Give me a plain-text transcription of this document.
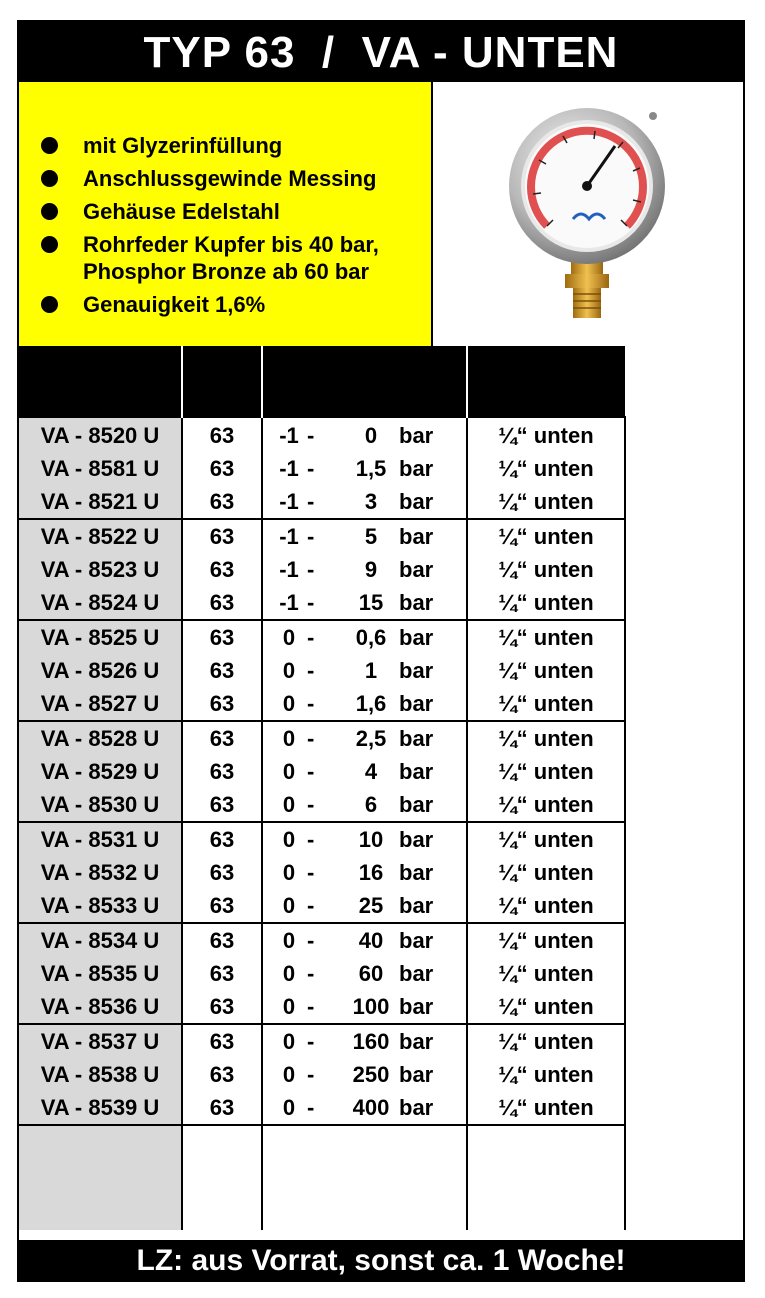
TYP 63  /  VA - UNTEN
mit Glyzerinfüllung
Anschlussgewinde Messing
Gehäuse Edelstahl
Rohrfeder Kupfer bis 40 bar,
Phosphor Bronze ab 60 bar
Genauigkeit 1,6%
MODELL	Ø	Anzeigen-	Anschluss
	mm	bereich	
VA - 8520 U	63	-1 - 0 bar	¼“ unten
VA - 8581 U	63	-1 - 1,5 bar	¼“ unten
VA - 8521 U	63	-1 - 3 bar	¼“ unten
VA - 8522 U	63	-1 - 5 bar	¼“ unten
VA - 8523 U	63	-1 - 9 bar	¼“ unten
VA - 8524 U	63	-1 - 15 bar	¼“ unten
VA - 8525 U	63	0 - 0,6 bar	¼“ unten
VA - 8526 U	63	0 - 1 bar	¼“ unten
VA - 8527 U	63	0 - 1,6 bar	¼“ unten
VA - 8528 U	63	0 - 2,5 bar	¼“ unten
VA - 8529 U	63	0 - 4 bar	¼“ unten
VA - 8530 U	63	0 - 6 bar	¼“ unten
VA - 8531 U	63	0 - 10 bar	¼“ unten
VA - 8532 U	63	0 - 16 bar	¼“ unten
VA - 8533 U	63	0 - 25 bar	¼“ unten
VA - 8534 U	63	0 - 40 bar	¼“ unten
VA - 8535 U	63	0 - 60 bar	¼“ unten
VA - 8536 U	63	0 - 100 bar	¼“ unten
VA - 8537 U	63	0 - 160 bar	¼“ unten
VA - 8538 U	63	0 - 250 bar	¼“ unten
VA - 8539 U	63	0 - 400 bar	¼“ unten

LZ: aus Vorrat, sonst ca. 1 Woche!
